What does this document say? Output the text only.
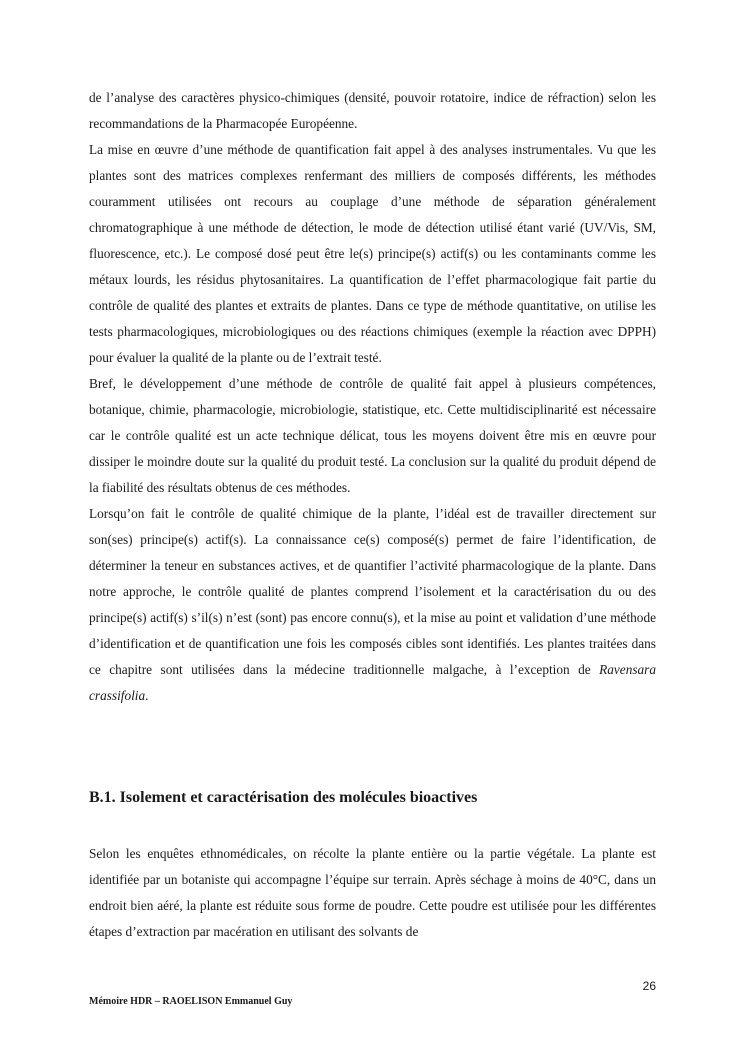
de l’analyse des caractères physico-chimiques (densité, pouvoir rotatoire, indice de réfraction) selon les recommandations de la Pharmacopée Européenne.

La mise en œuvre d’une méthode de quantification fait appel à des analyses instrumentales. Vu que les plantes sont des matrices complexes renfermant des milliers de composés différents, les méthodes couramment utilisées ont recours au couplage d’une méthode de séparation généralement chromatographique à une méthode de détection, le mode de détection utilisé étant varié (UV/Vis, SM, fluorescence, etc.). Le composé dosé peut être le(s) principe(s) actif(s) ou les contaminants comme les métaux lourds, les résidus phytosanitaires. La quantification de l’effet pharmacologique fait partie du contrôle de qualité des plantes et extraits de plantes. Dans ce type de méthode quantitative, on utilise les tests pharmacologiques, microbiologiques ou des réactions chimiques (exemple la réaction avec DPPH) pour évaluer la qualité de la plante ou de l’extrait testé.

Bref, le développement d’une méthode de contrôle de qualité fait appel à plusieurs compétences, botanique, chimie, pharmacologie, microbiologie, statistique, etc. Cette multidisciplinarité est nécessaire car le contrôle qualité est un acte technique délicat, tous les moyens doivent être mis en œuvre pour dissiper le moindre doute sur la qualité du produit testé. La conclusion sur la qualité du produit dépend de la fiabilité des résultats obtenus de ces méthodes.

Lorsqu’on fait le contrôle de qualité chimique de la plante, l’idéal est de travailler directement sur son(ses) principe(s) actif(s). La connaissance ce(s) composé(s) permet de faire l’identification, de déterminer la teneur en substances actives, et de quantifier l’activité pharmacologique de la plante. Dans notre approche, le contrôle qualité de plantes comprend l’isolement et la caractérisation du ou des principe(s) actif(s) s’il(s) n’est (sont) pas encore connu(s), et la mise au point et validation d’une méthode d’identification et de quantification une fois les composés cibles sont identifiés. Les plantes traitées dans ce chapitre sont utilisées dans la médecine traditionnelle malgache, à l’exception de Ravensara crassifolia.

B.1. Isolement et caractérisation des molécules bioactives

Selon les enquêtes ethnomédicales, on récolte la plante entière ou la partie végétale. La plante est identifiée par un botaniste qui accompagne l’équipe sur terrain. Après séchage à moins de 40°C, dans un endroit bien aéré, la plante est réduite sous forme de poudre. Cette poudre est utilisée pour les différentes étapes d’extraction par macération en utilisant des solvants de

26
Mémoire HDR – RAOELISON Emmanuel Guy
